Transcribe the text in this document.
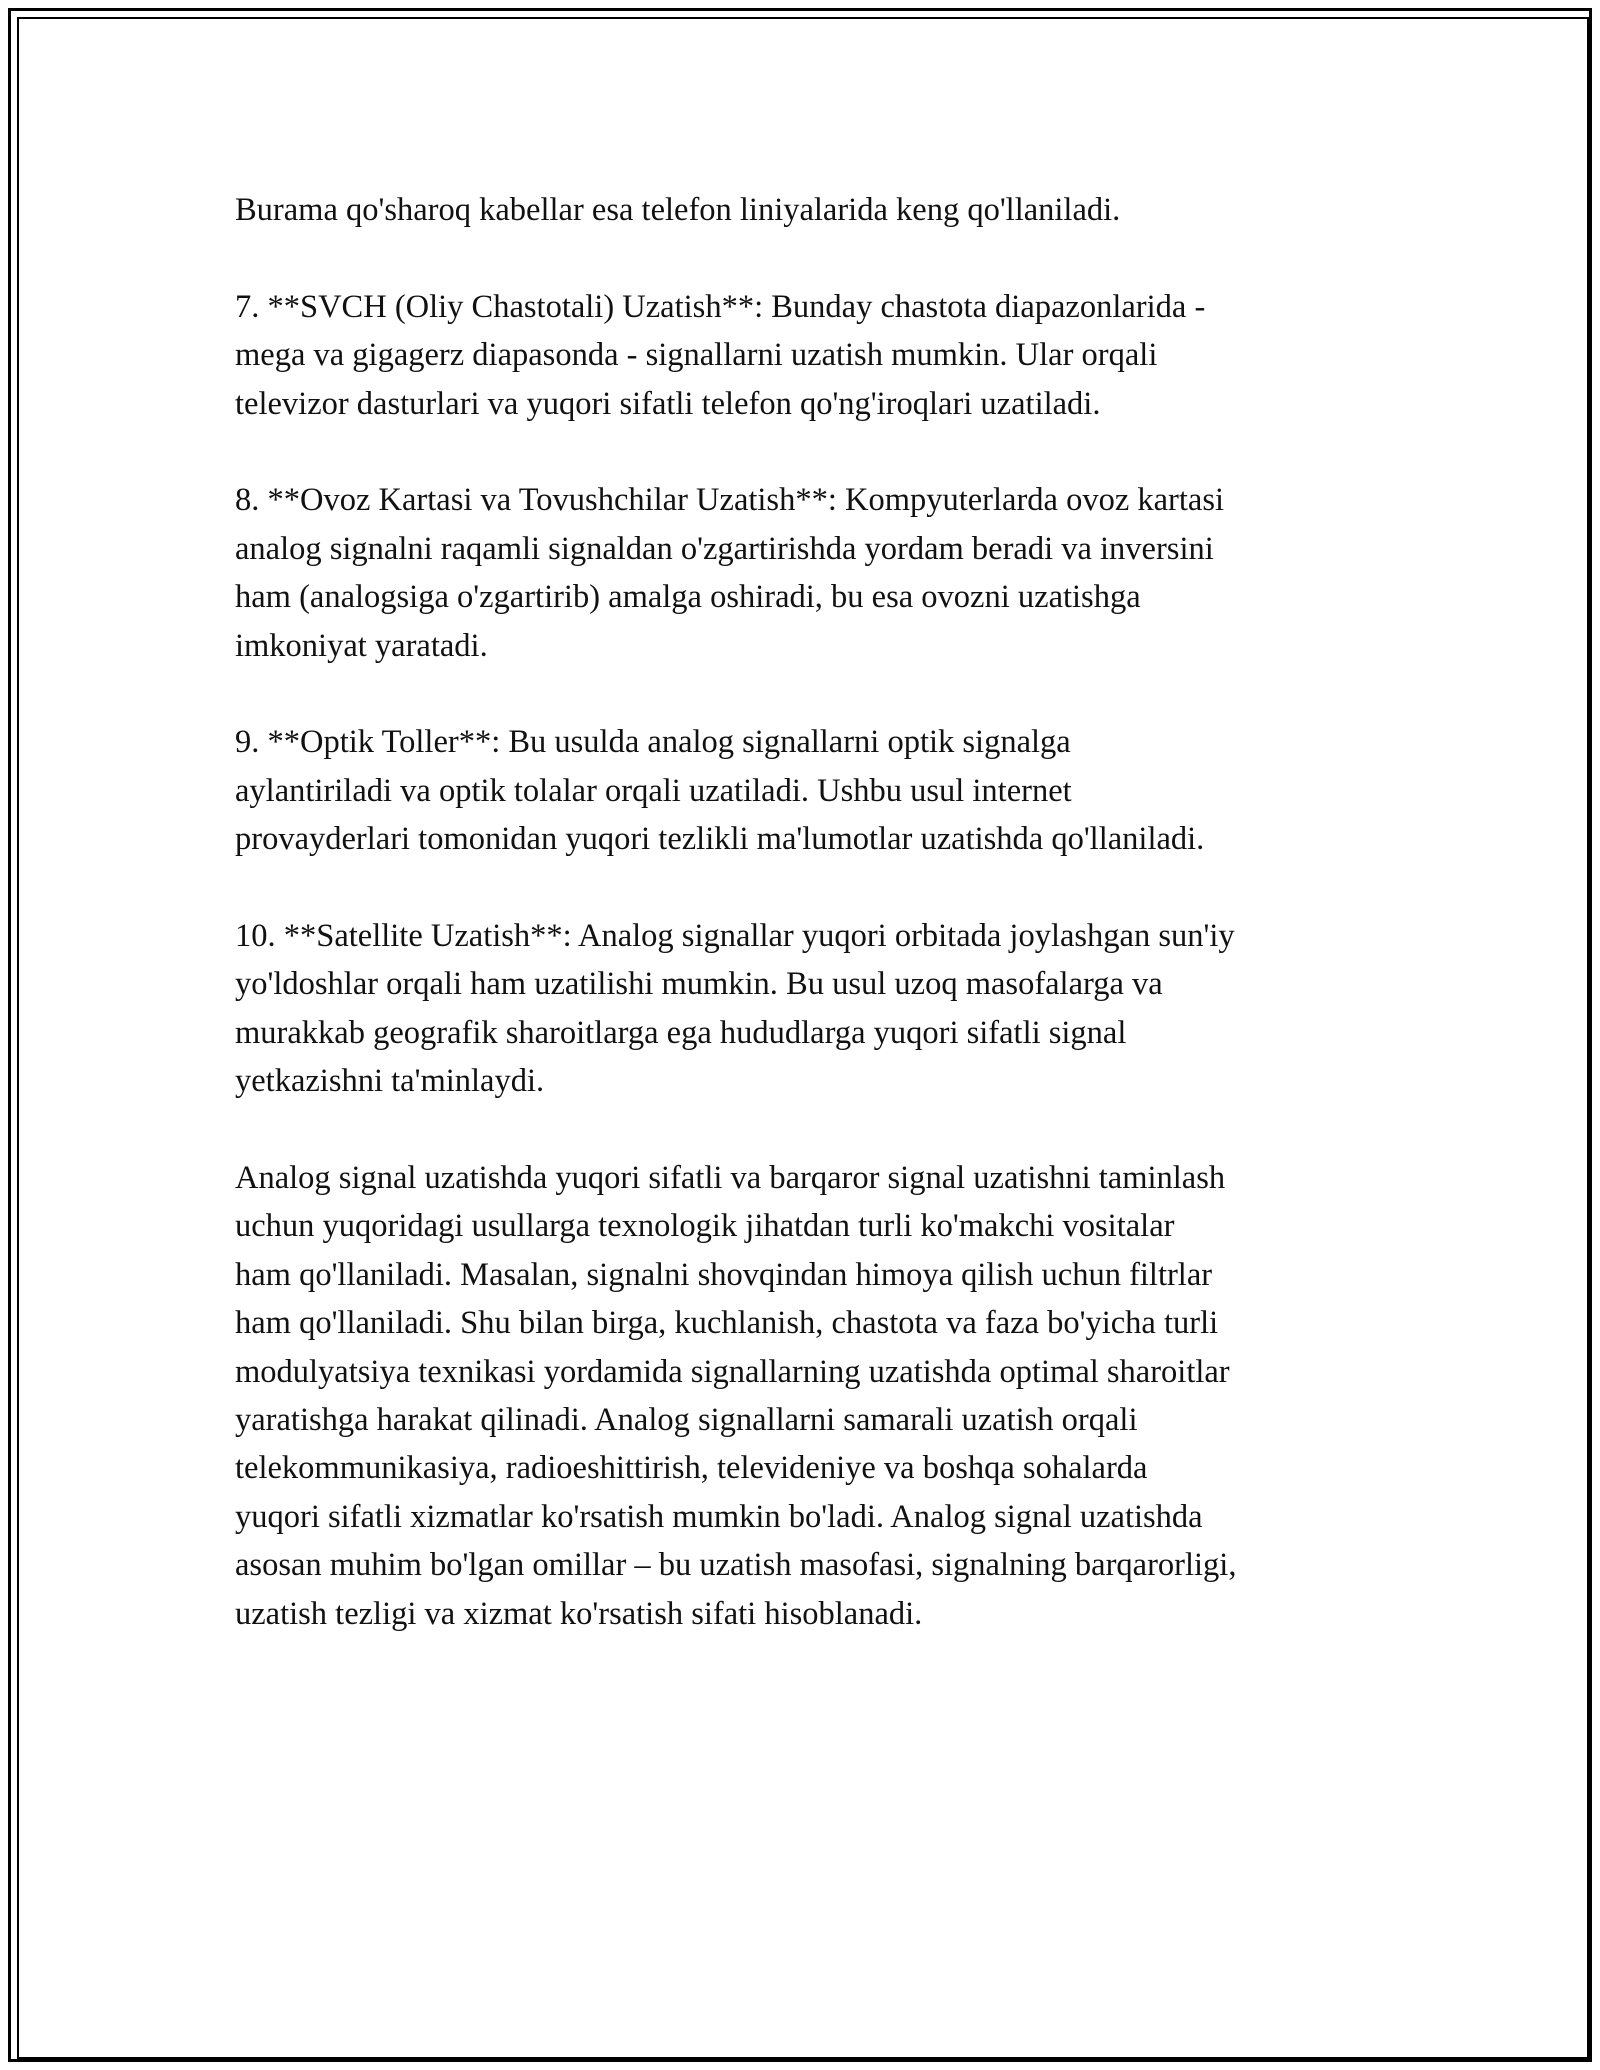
Burama qo'sharoq kabellar esa telefon liniyalarida keng qo'llaniladi.

7. **SVCH (Oliy Chastotali) Uzatish**: Bunday chastota diapazonlarida -
mega va gigagerz diapasonda - signallarni uzatish mumkin. Ular orqali
televizor dasturlari va yuqori sifatli telefon qo'ng'iroqlari uzatiladi.

8. **Ovoz Kartasi va Tovushchilar Uzatish**: Kompyuterlarda ovoz kartasi
analog signalni raqamli signaldan o'zgartirishda yordam beradi va inversini
ham (analogsiga o'zgartirib) amalga oshiradi, bu esa ovozni uzatishga
imkoniyat yaratadi.

9. **Optik Toller**: Bu usulda analog signallarni optik signalga
aylantiriladi va optik tolalar orqali uzatiladi. Ushbu usul internet
provayderlari tomonidan yuqori tezlikli ma'lumotlar uzatishda qo'llaniladi.

10. **Satellite Uzatish**: Analog signallar yuqori orbitada joylashgan sun'iy
yo'ldoshlar orqali ham uzatilishi mumkin. Bu usul uzoq masofalarga va
murakkab geografik sharoitlarga ega hududlarga yuqori sifatli signal
yetkazishni ta'minlaydi.

Analog signal uzatishda yuqori sifatli va barqaror signal uzatishni taminlash
uchun yuqoridagi usullarga texnologik jihatdan turli ko'makchi vositalar
ham qo'llaniladi. Masalan, signalni shovqindan himoya qilish uchun filtrlar
ham qo'llaniladi. Shu bilan birga, kuchlanish, chastota va faza bo'yicha turli
modulyatsiya texnikasi yordamida signallarning uzatishda optimal sharoitlar
yaratishga harakat qilinadi. Analog signallarni samarali uzatish orqali
telekommunikasiya, radioeshittirish, televideniye va boshqa sohalarda
yuqori sifatli xizmatlar ko'rsatish mumkin bo'ladi. Analog signal uzatishda
asosan muhim bo'lgan omillar – bu uzatish masofasi, signalning barqarorligi,
uzatish tezligi va xizmat ko'rsatish sifati hisoblanadi.
